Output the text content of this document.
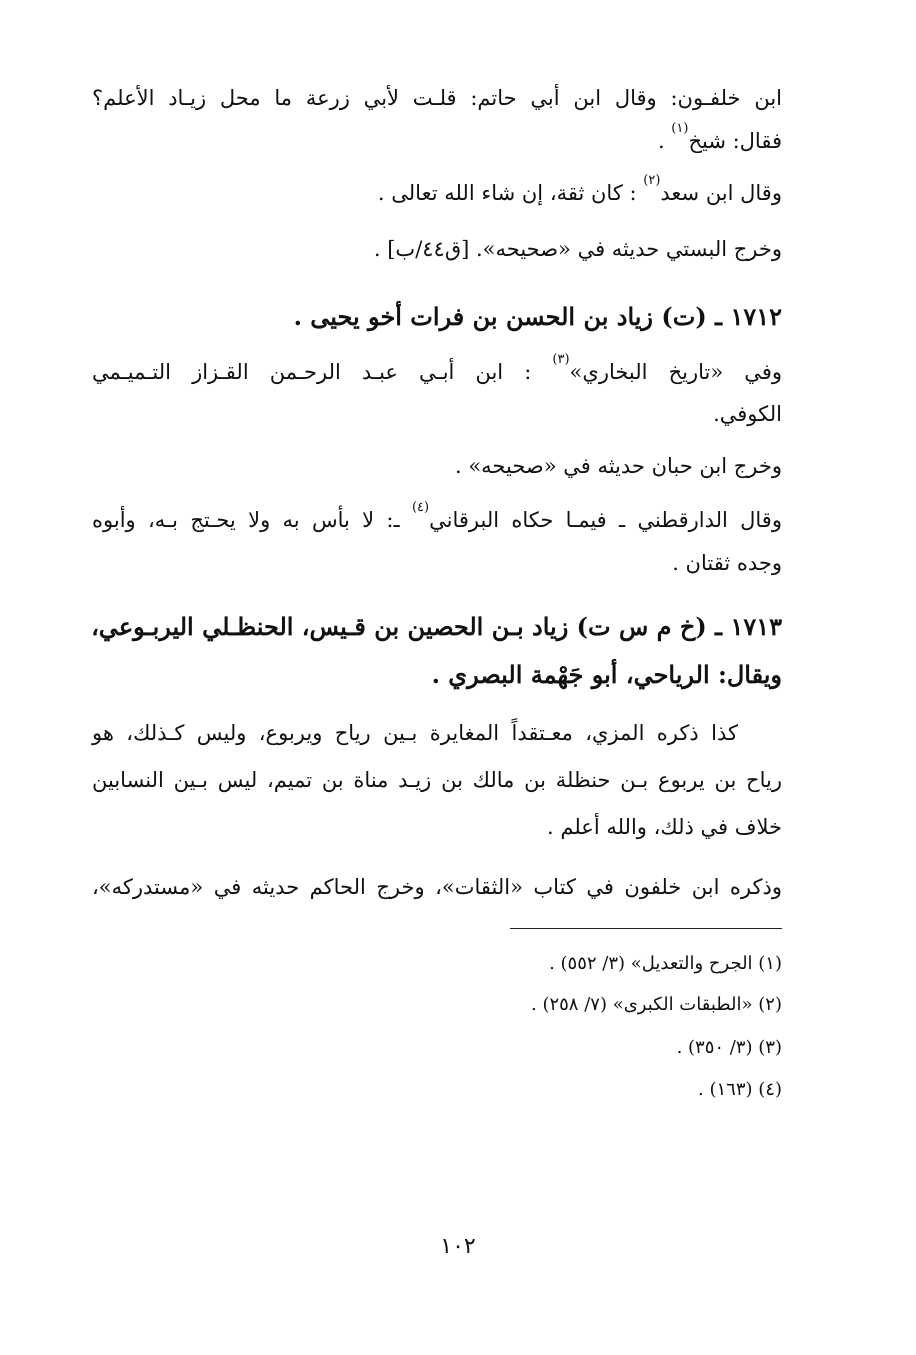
ابن خلفـون: وقال ابن أبي حاتم: قلـت لأبي زرعة ما محل زيـاد الأعلم؟
فقال: شيخ$^{(١)}$ .
وقال ابن سعد$^{(٢)}$ : كان ثقة، إن شاء الله تعالى .
وخرج البستي حديثه في «صحيحه». [ق٤٤/ب] .
١٧١٢ ـ (ت) زياد بن الحسن بن فرات أخو يحيى .
وفي «تاريخ البخاري»$^{(٣)}$ : ابن أبـي عبـد الرحـمن القـزاز التـميـمي
الكوفي.
وخرج ابن حبان حديثه في «صحيحه» .
وقال الدارقطني ـ فيمـا حكاه البرقاني$^{(٤)}$ ـ: لا بأس به ولا يحـتج بـه، وأبوه
وجده ثقتان .
١٧١٣ ـ (خ م س ت) زياد بـن الحصين بن قـيس، الحنظـلي اليربـوعي،
ويقال: الرياحي، أبو جَهْمة البصري .
كذا ذكره المزي، معـتقداً المغايرة بـين رياح ويربوع، وليس كـذلك، هو
رياح بن يربوع بـن حنظلة بن مالك بن زيـد مناة بن تميم، ليس بـين النسابين
خلاف في ذلك، والله أعلم .
وذكره ابن خلفون في كتاب «الثقات»، وخرج الحاكم حديثه في «مستدركه»،
(١) الجرح والتعديل» (٣/ ٥٥٢) .
(٢) «الطبقات الكبرى» (٧/ ٢٥٨) .
(٣) (٣/ ٣٥٠) .
(٤) (١٦٣) .
١٠٢
